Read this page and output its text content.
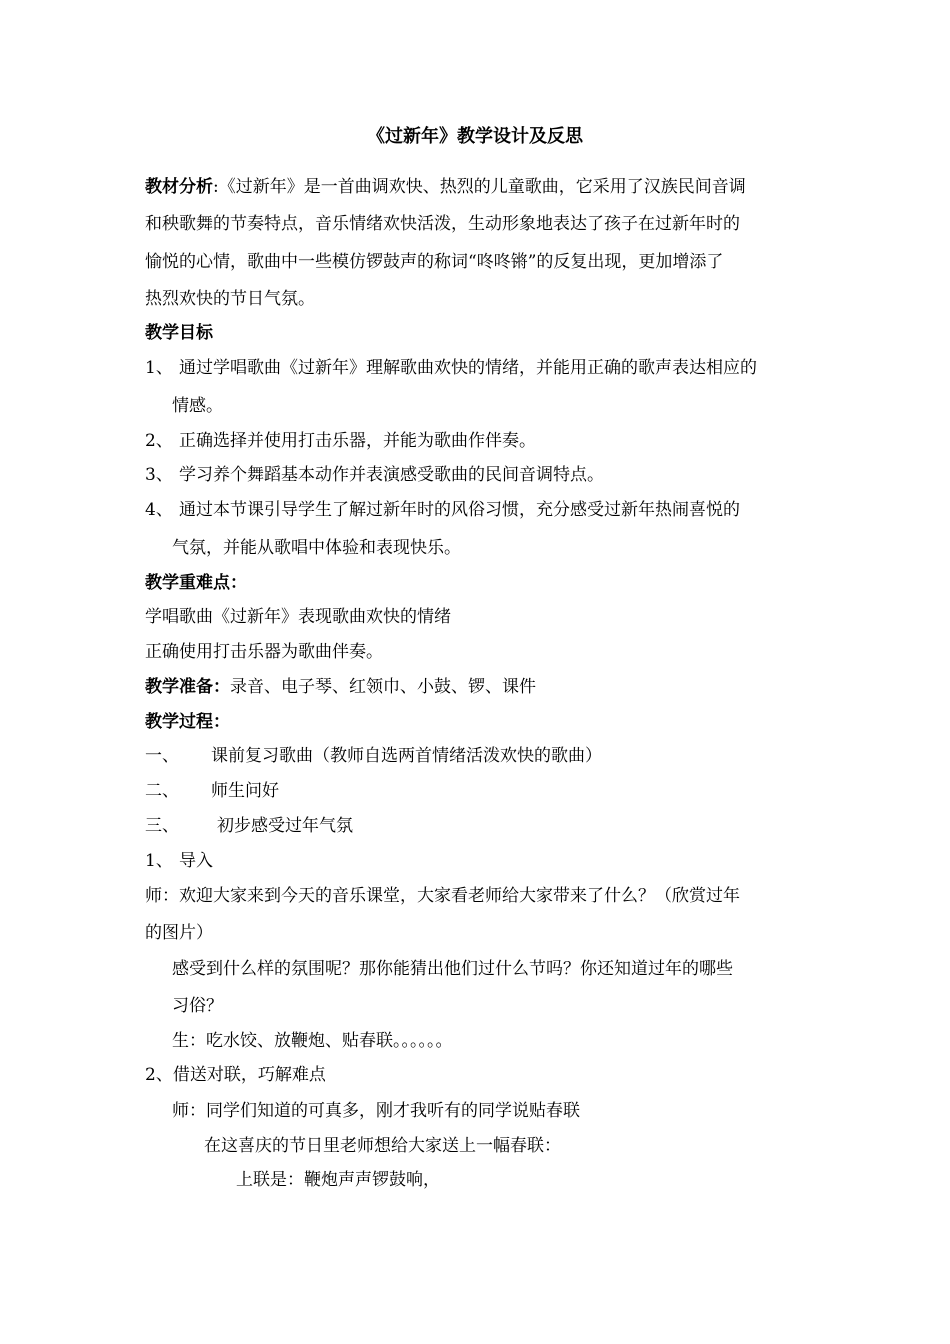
《过新年》教学设计及反思
教材分析:《过新年》是一首曲调欢快、热烈的儿童歌曲，它采用了汉族民间音调
和秧歌舞的节奏特点，音乐情绪欢快活泼，生动形象地表达了孩子在过新年时的
愉悦的心情，歌曲中一些模仿锣鼓声的称词“咚咚锵”的反复出现，更加增添了
热烈欢快的节日气氛。
教学目标
1、 通过学唱歌曲《过新年》理解歌曲欢快的情绪，并能用正确的歌声表达相应的
情感。
2、 正确选择并使用打击乐器，并能为歌曲作伴奏。
3、 学习养个舞蹈基本动作并表演感受歌曲的民间音调特点。
4、 通过本节课引导学生了解过新年时的风俗习惯，充分感受过新年热闹喜悦的
气氛，并能从歌唱中体验和表现快乐。
教学重难点：
学唱歌曲《过新年》表现歌曲欢快的情绪
正确使用打击乐器为歌曲伴奏。
教学准备：录音、电子琴、红领巾、小鼓、锣、课件
教学过程：
一、 课前复习歌曲（教师自选两首情绪活泼欢快的歌曲）
二、 师生问好
三、 初步感受过年气氛
1、 导入
师：欢迎大家来到今天的音乐课堂，大家看老师给大家带来了什么？（欣赏过年
的图片）
感受到什么样的氛围呢？那你能猜出他们过什么节吗？你还知道过年的哪些
习俗？
生：吃水饺、放鞭炮、贴春联。。。。。。
2、借送对联，巧解难点
师：同学们知道的可真多，刚才我听有的同学说贴春联
在这喜庆的节日里老师想给大家送上一幅春联：
上联是：鞭炮声声锣鼓响，
